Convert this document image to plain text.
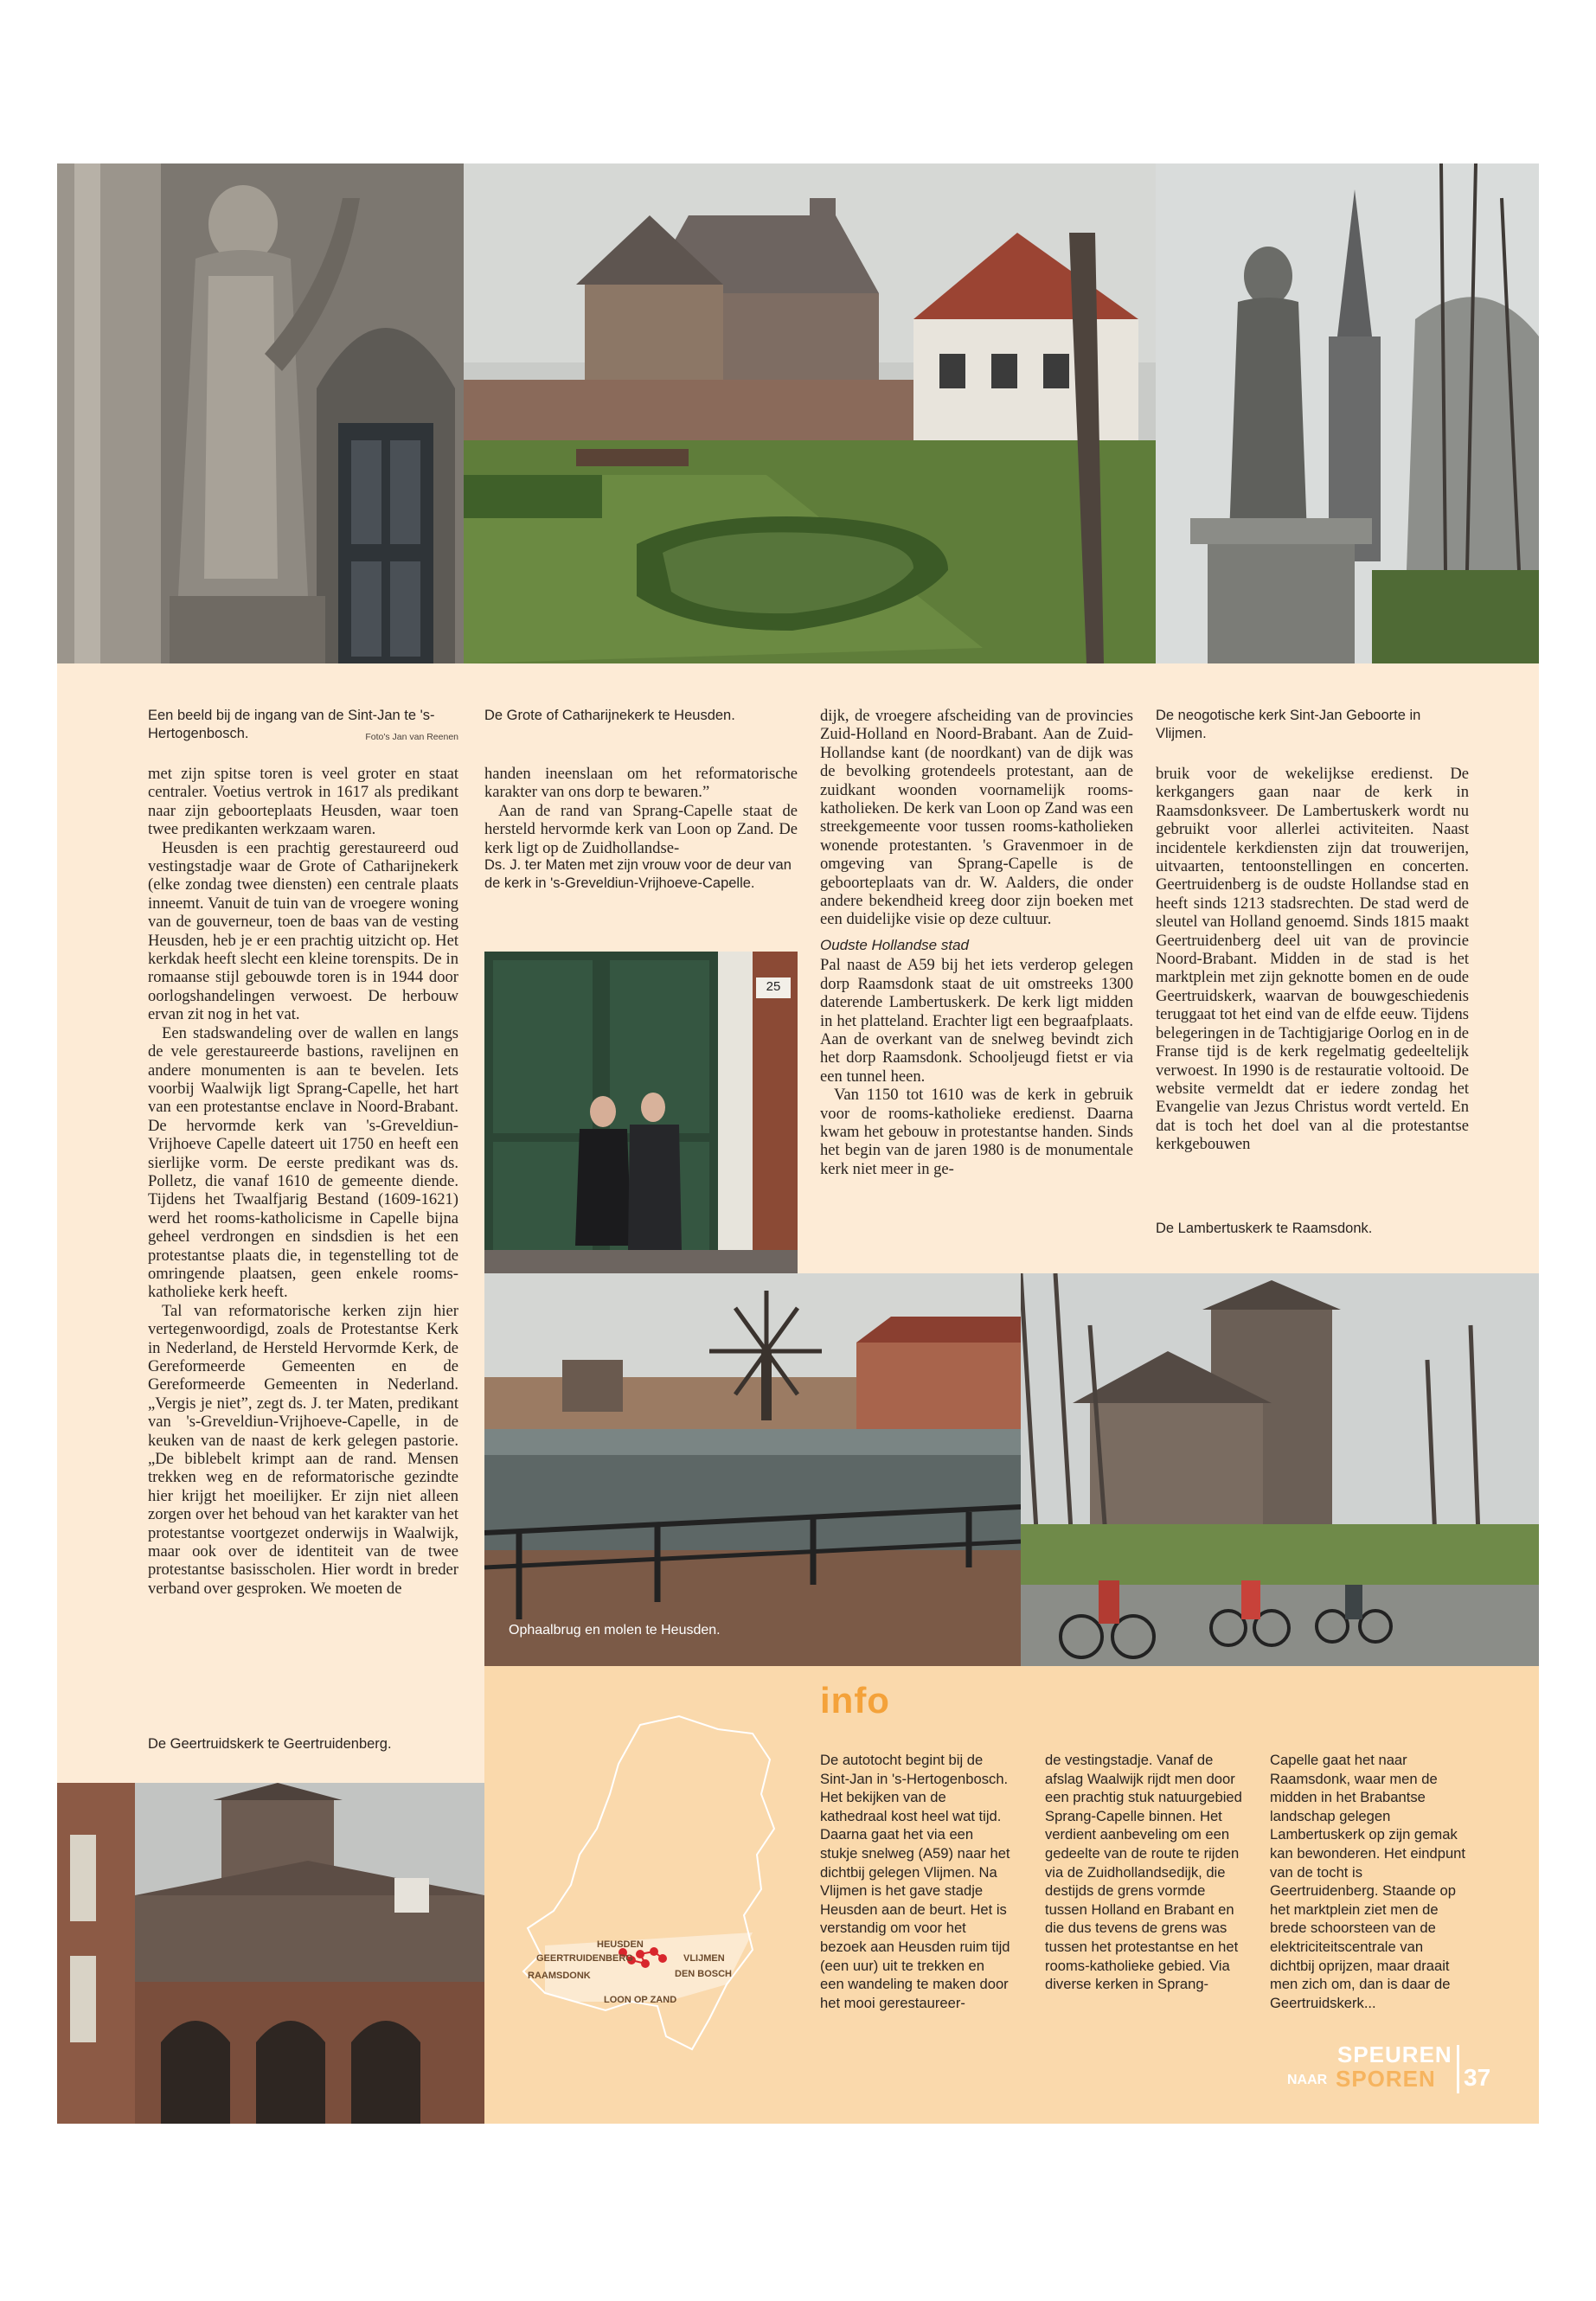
25
Ophaalbrug en molen te Heusden.
Een beeld bij de ingang van de Sint-Jan te 's-Hertogenbosch.	Foto's Jan van Reenen
De Grote of Catharijnekerk te Heusden.	De neogotische kerk Sint-Jan Geboorte in Vlijmen.
Ds. J. ter Maten met zijn vrouw voor de deur van de kerk in 's-Greveldiun-Vrijhoeve-Capelle.
De Lambertuskerk te Raamsdonk.
De Geertruidskerk te Geertruidenberg.

met zijn spitse toren is veel groter en staat centraler. Voetius vertrok in 1617 als predikant naar zijn geboorteplaats Heusden, waar toen twee predikanten werkzaam waren.

Heusden is een prachtig gerestaureerd oud vestingstadje waar de Grote of Catharijnekerk (elke zondag twee diensten) een centrale plaats inneemt. Vanuit de tuin van de vroegere woning van de gouverneur, toen de baas van de vesting Heusden, heb je er een prachtig uitzicht op. Het kerkdak heeft slecht een kleine torenspits. De in romaanse stijl gebouwde toren is in 1944 door oorlogshandelingen verwoest. De herbouw ervan zit nog in het vat.

Een stadswandeling over de wallen en langs de vele gerestaureerde bastions, ravelijnen en andere monumenten is aan te bevelen. Iets voorbij Waalwijk ligt Sprang-Capelle, het hart van een protestantse enclave in Noord-Brabant. De hervormde kerk van 's-Greveldiun-Vrijhoeve Capelle dateert uit 1750 en heeft een sierlijke vorm. De eerste predikant was ds. Polletz, die vanaf 1610 de gemeente diende. Tijdens het Twaalfjarig Bestand (1609-1621) werd het rooms-katholicisme in Capelle bijna geheel verdrongen en sindsdien is het een protestantse plaats die, in tegenstelling tot de omringende plaatsen, geen enkele rooms-katholieke kerk heeft.

Tal van reformatorische kerken zijn hier vertegenwoordigd, zoals de Protestantse Kerk in Nederland, de Hersteld Hervormde Kerk, de Gereformeerde Gemeenten en de Gereformeerde Gemeenten in Nederland. „Vergis je niet”, zegt ds. J. ter Maten, predikant van 's-Greveldiun-Vrijhoeve-Capelle, in de keuken van de naast de kerk gelegen pastorie. „De biblebelt krimpt aan de rand. Mensen trekken weg en de reformatorische gezindte hier krijgt het moeilijker. Er zijn niet alleen zorgen over het behoud van het karakter van het protestantse voortgezet onderwijs in Waalwijk, maar ook over de identiteit van de twee protestantse basisscholen. Hier wordt in breder verband over gesproken. We moeten de

handen ineenslaan om het reformatorische karakter van ons dorp te bewaren.”

Aan de rand van Sprang-Capelle staat de hersteld hervormde kerk van Loon op Zand. De kerk ligt op de Zuidhollandse-

dijk, de vroegere afscheiding van de provincies Zuid-Holland en Noord-Brabant. Aan de Zuid-Hollandse kant (de noordkant) van de dijk was de bevolking grotendeels protestant, aan de zuidkant woonden voornamelijk rooms-katholieken. De kerk van Loon op Zand was een streekgemeente voor tussen rooms-katholieken wonende protestanten. 's Gravenmoer in de omgeving van Sprang-Capelle is de geboorteplaats van dr. W. Aalders, die onder andere bekendheid kreeg door zijn boeken met een duidelijke visie op deze cultuur.

Oudste Hollandse stad

Pal naast de A59 bij het iets verderop gelegen dorp Raamsdonk staat de uit omstreeks 1300 daterende Lambertuskerk. De kerk ligt midden in het platteland. Erachter ligt een begraafplaats. Aan de overkant van de snelweg bevindt zich het dorp Raamsdonk. Schooljeugd fietst er via een tunnel heen.

Van 1150 tot 1610 was de kerk in gebruik voor de rooms-katholieke eredienst. Daarna kwam het gebouw in protestantse handen. Sinds het begin van de jaren 1980 is de monumentale kerk niet meer in ge-

bruik voor de wekelijkse eredienst. De kerkgangers gaan naar de kerk in Raamsdonksveer. De Lambertuskerk wordt nu gebruikt voor allerlei activiteiten. Naast incidentele kerkdiensten zijn dat trouwerijen, uitvaarten, tentoonstellingen en concerten. Geertruidenberg is de oudste Hollandse stad en heeft sinds 1213 stadsrechten. De stad werd de sleutel van Holland genoemd. Sinds 1815 maakt Geertruidenberg deel uit van de provincie Noord-Brabant. Midden in de stad is het marktplein met zijn geknotte bomen en de oude Geertruidskerk, waarvan de bouwgeschiedenis teruggaat tot het eind van de elfde eeuw. Tijdens belegeringen in de Tachtigjarige Oorlog en in de Franse tijd is de kerk regelmatig gedeeltelijk verwoest. In 1990 is de restauratie voltooid. De website vermeldt dat er iedere zondag het Evangelie van Jezus Christus wordt verteld. En dat is toch het doel van al die protestantse kerkgebouwen

info
HEUSDEN
GEERTRUIDENBERG	VLIJMEN
RAAMSDONK	DEN BOSCH
LOON OP ZAND
De autotocht begint bij de Sint-Jan in 's-Hertogenbosch. Het bekijken van de kathedraal kost heel wat tijd. Daarna gaat het via een stukje snelweg (A59) naar het dichtbij gelegen Vlijmen. Na Vlijmen is het gave stadje Heusden aan de beurt. Het is verstandig om voor het bezoek aan Heusden ruim tijd (een uur) uit te trekken en een wandeling te maken door het mooi gerestaureer-
de vestingstadje. Vanaf de afslag Waalwijk rijdt men door een prachtig stuk natuurgebied Sprang-Capelle binnen. Het verdient aanbeveling om een gedeelte van de route te rijden via de Zuidhollandsedijk, die destijds de grens vormde tussen Holland en Brabant en die dus tevens de grens was tussen het protestantse en het rooms-katholieke gebied. Via diverse kerken in Sprang-
Capelle gaat het naar Raamsdonk, waar men de midden in het Brabantse landschap gelegen Lambertuskerk op zijn gemak kan bewonderen. Het eindpunt van de tocht is Geertruidenberg. Staande op het marktplein ziet men de brede schoorsteen van de elektriciteitscentrale van dichtbij oprijzen, maar draait men zich om, dan is daar de Geertruidskerk...
SPEUREN
NAAR SPOREN 37
